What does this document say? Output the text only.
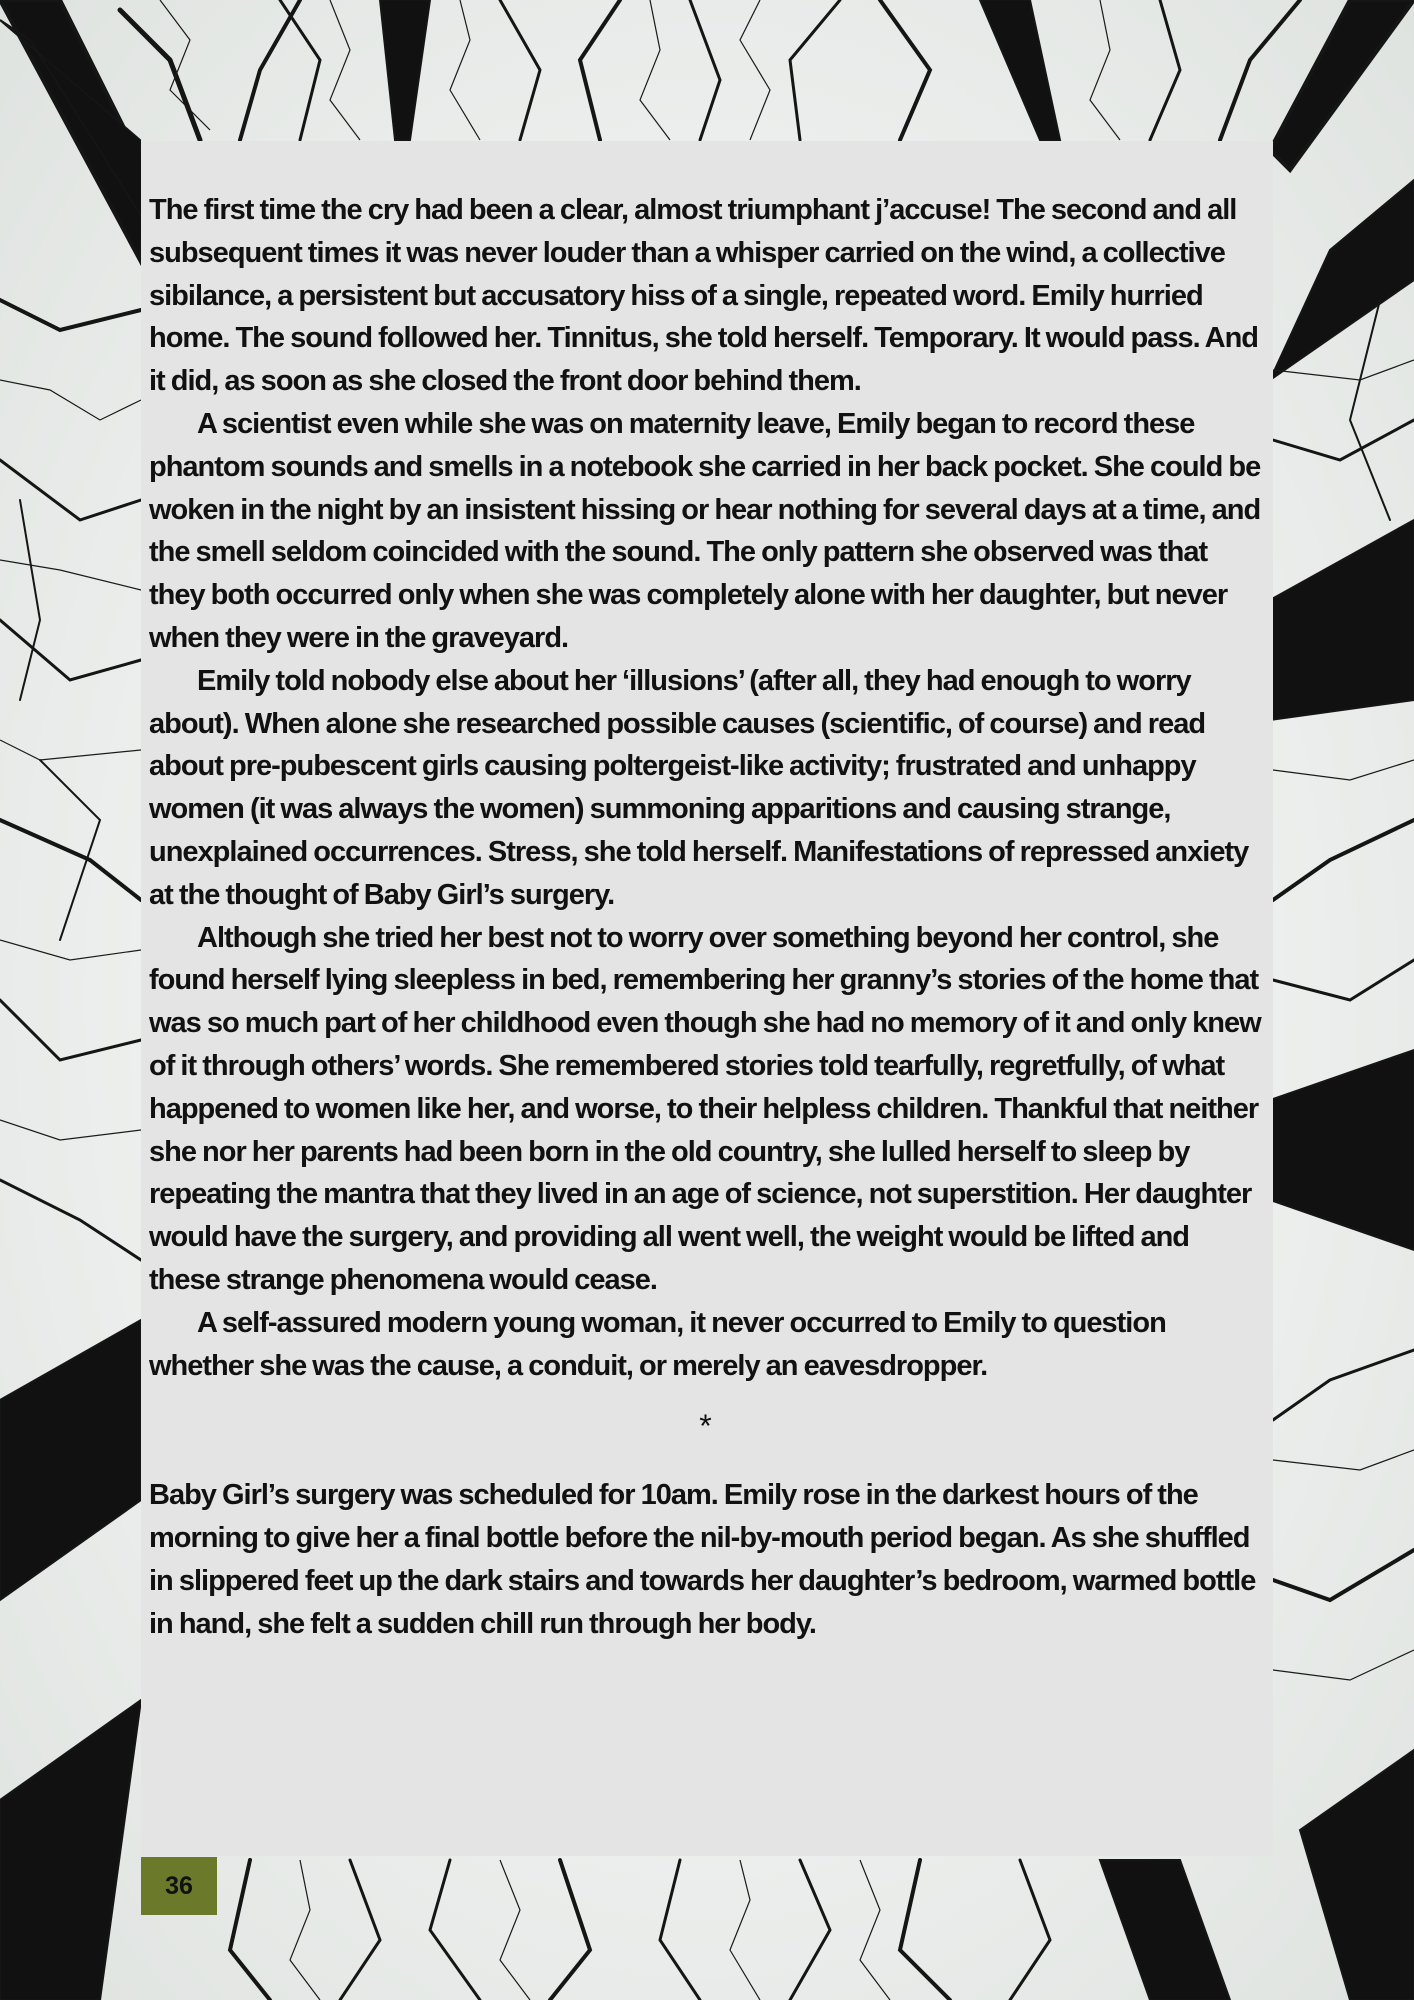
The first time the cry had been a clear, almost triumphant j’accuse! The second and all subsequent times it was never louder than a whisper carried on the wind, a collective sibilance, a persistent but accusatory hiss of a single, repeated word. Emily hurried home. The sound followed her. Tinnitus, she told herself. Temporary. It would pass. And it did, as soon as she closed the front door behind them.

A scientist even while she was on maternity leave, Emily began to record these phantom sounds and smells in a notebook she carried in her back pocket. She could be woken in the night by an insistent hissing or hear nothing for several days at a time, and the smell seldom coincided with the sound. The only pattern she observed was that they both occurred only when she was completely alone with her daughter, but never when they were in the graveyard.

Emily told nobody else about her ‘illusions’ (after all, they had enough to worry about). When alone she researched possible causes (scientific, of course) and read about pre-pubescent girls causing poltergeist-like activity; frustrated and unhappy women (it was always the women) summoning apparitions and causing strange, unexplained occurrences. Stress, she told herself. Manifestations of repressed anxiety at the thought of Baby Girl’s surgery.

Although she tried her best not to worry over something beyond her control, she found herself lying sleepless in bed, remembering her granny’s stories of the home that was so much part of her childhood even though she had no memory of it and only knew of it through others’ words. She remembered stories told tearfully, regretfully, of what happened to women like her, and worse, to their helpless children. Thankful that neither she nor her parents had been born in the old country, she lulled herself to sleep by repeating the mantra that they lived in an age of science, not superstition. Her daughter would have the surgery, and providing all went well, the weight would be lifted and these strange phenomena would cease.

A self-assured modern young woman, it never occurred to Emily to question whether she was the cause, a conduit, or merely an eavesdropper.

*

Baby Girl’s surgery was scheduled for 10am. Emily rose in the darkest hours of the morning to give her a final bottle before the nil-by-mouth period began. As she shuffled in slippered feet up the dark stairs and towards her daughter’s bedroom, warmed bottle in hand, she felt a sudden chill run through her body.

36
